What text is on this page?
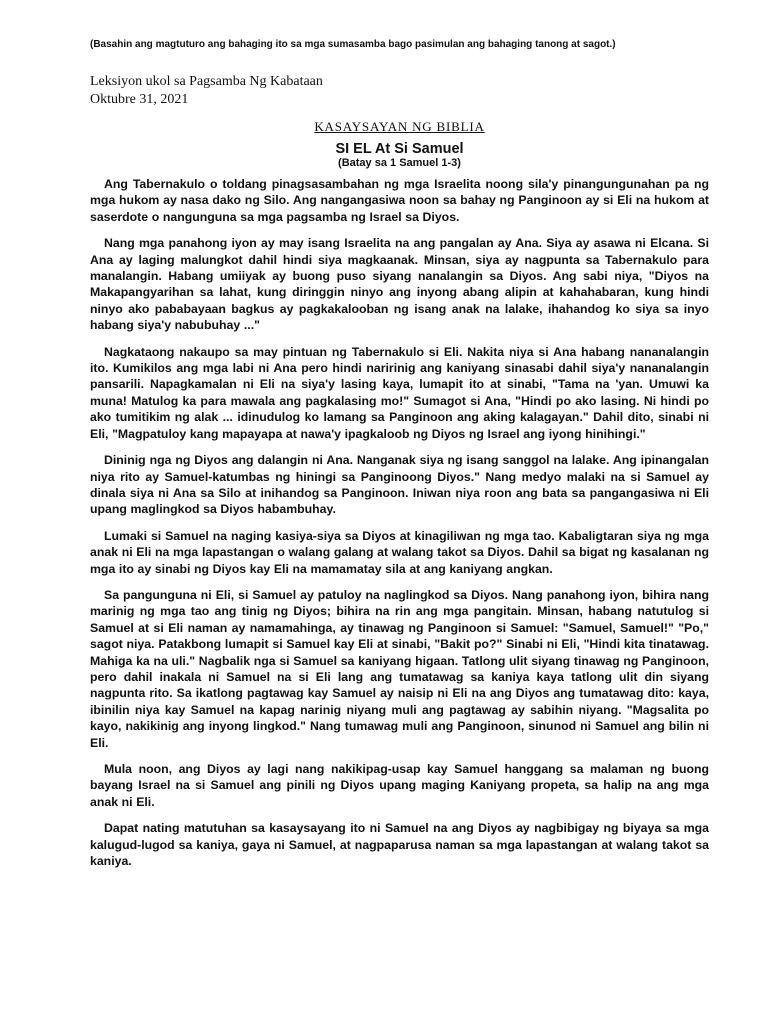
(Basahin ang magtuturo ang bahaging ito sa mga sumasamba bago pasimulan ang bahaging tanong at sagot.)

Leksiyon ukol sa Pagsamba Ng Kabataan

Oktubre 31, 2021

KASAYSAYAN NG BIBLIA

SI EL At Si Samuel

(Batay sa 1 Samuel 1-3)

Ang Tabernakulo o toldang pinagsasambahan ng mga Israelita noong sila'y pinangungunahan pa ng mga hukom ay nasa dako ng Silo. Ang nangangasiwa noon sa bahay ng Panginoon ay si Eli na hukom at saserdote o nangunguna sa mga pagsamba ng Israel sa Diyos.

Nang mga panahong iyon ay may isang Israelita na ang pangalan ay Ana. Siya ay asawa ni Elcana. Si Ana ay laging malungkot dahil hindi siya magkaanak. Minsan, siya ay nagpunta sa Tabernakulo para manalangin. Habang umiiyak ay buong puso siyang nanalangin sa Diyos. Ang sabi niya, "Diyos na Makapangyarihan sa lahat, kung diringgin ninyo ang inyong abang alipin at kahahabaran, kung hindi ninyo ako pababayaan bagkus ay pagkakalooban ng isang anak na lalake, ihahandog ko siya sa inyo habang siya'y nabubuhay ..."

Nagkataong nakaupo sa may pintuan ng Tabernakulo si Eli. Nakita niya si Ana habang nananalangin ito. Kumikilos ang mga labi ni Ana pero hindi naririnig ang kaniyang sinasabi dahil siya'y nananalangin pansarili. Napagkamalan ni Eli na siya'y lasing kaya, lumapit ito at sinabi, "Tama na 'yan. Umuwi ka muna! Matulog ka para mawala ang pagkalasing mo!" Sumagot si Ana, "Hindi po ako lasing. Ni hindi po ako tumitikim ng alak ... idinudulog ko lamang sa Panginoon ang aking kalagayan." Dahil dito, sinabi ni Eli, "Magpatuloy kang mapayapa at nawa'y ipagkaloob ng Diyos ng Israel ang iyong hinihingi."

Dininig nga ng Diyos ang dalangin ni Ana. Nanganak siya ng isang sanggol na lalake. Ang ipinangalan niya rito ay Samuel-katumbas ng hiningi sa Panginoong Diyos." Nang medyo malaki na si Samuel ay dinala siya ni Ana sa Silo at inihandog sa Panginoon. Iniwan niya roon ang bata sa pangangasiwa ni Eli upang maglingkod sa Diyos habambuhay.

Lumaki si Samuel na naging kasiya-siya sa Diyos at kinagiliwan ng mga tao. Kabaligtaran siya ng mga anak ni Eli na mga lapastangan o walang galang at walang takot sa Diyos. Dahil sa bigat ng kasalanan ng mga ito ay sinabi ng Diyos kay Eli na mamamatay sila at ang kaniyang angkan.

Sa pangunguna ni Eli, si Samuel ay patuloy na naglingkod sa Diyos. Nang panahong iyon, bihira nang marinig ng mga tao ang tinig ng Diyos; bihira na rin ang mga pangitain. Minsan, habang natutulog si Samuel at si Eli naman ay namamahinga, ay tinawag ng Panginoon si Samuel: "Samuel, Samuel!" "Po," sagot niya. Patakbong lumapit si Samuel kay Eli at sinabi, "Bakit po?" Sinabi ni Eli, "Hindi kita tinatawag. Mahiga ka na uli." Nagbalik nga si Samuel sa kaniyang higaan. Tatlong ulit siyang tinawag ng Panginoon, pero dahil inakala ni Samuel na si Eli lang ang tumatawag sa kaniya kaya tatlong ulit din siyang nagpunta rito. Sa ikatlong pagtawag kay Samuel ay naisip ni Eli na ang Diyos ang tumatawag dito: kaya, ibinilin niya kay Samuel na kapag narinig niyang muli ang pagtawag ay sabihin niyang. "Magsalita po kayo, nakikinig ang inyong lingkod." Nang tumawag muli ang Panginoon, sinunod ni Samuel ang bilin ni Eli.

Mula noon, ang Diyos ay lagi nang nakikipag-usap kay Samuel hanggang sa malaman ng buong bayang Israel na si Samuel ang pinili ng Diyos upang maging Kaniyang propeta, sa halip na ang mga anak ni Eli.

Dapat nating matutuhan sa kasaysayang ito ni Samuel na ang Diyos ay nagbibigay ng biyaya sa mga kalugud-lugod sa kaniya, gaya ni Samuel, at nagpaparusa naman sa mga lapastangan at walang takot sa kaniya.
